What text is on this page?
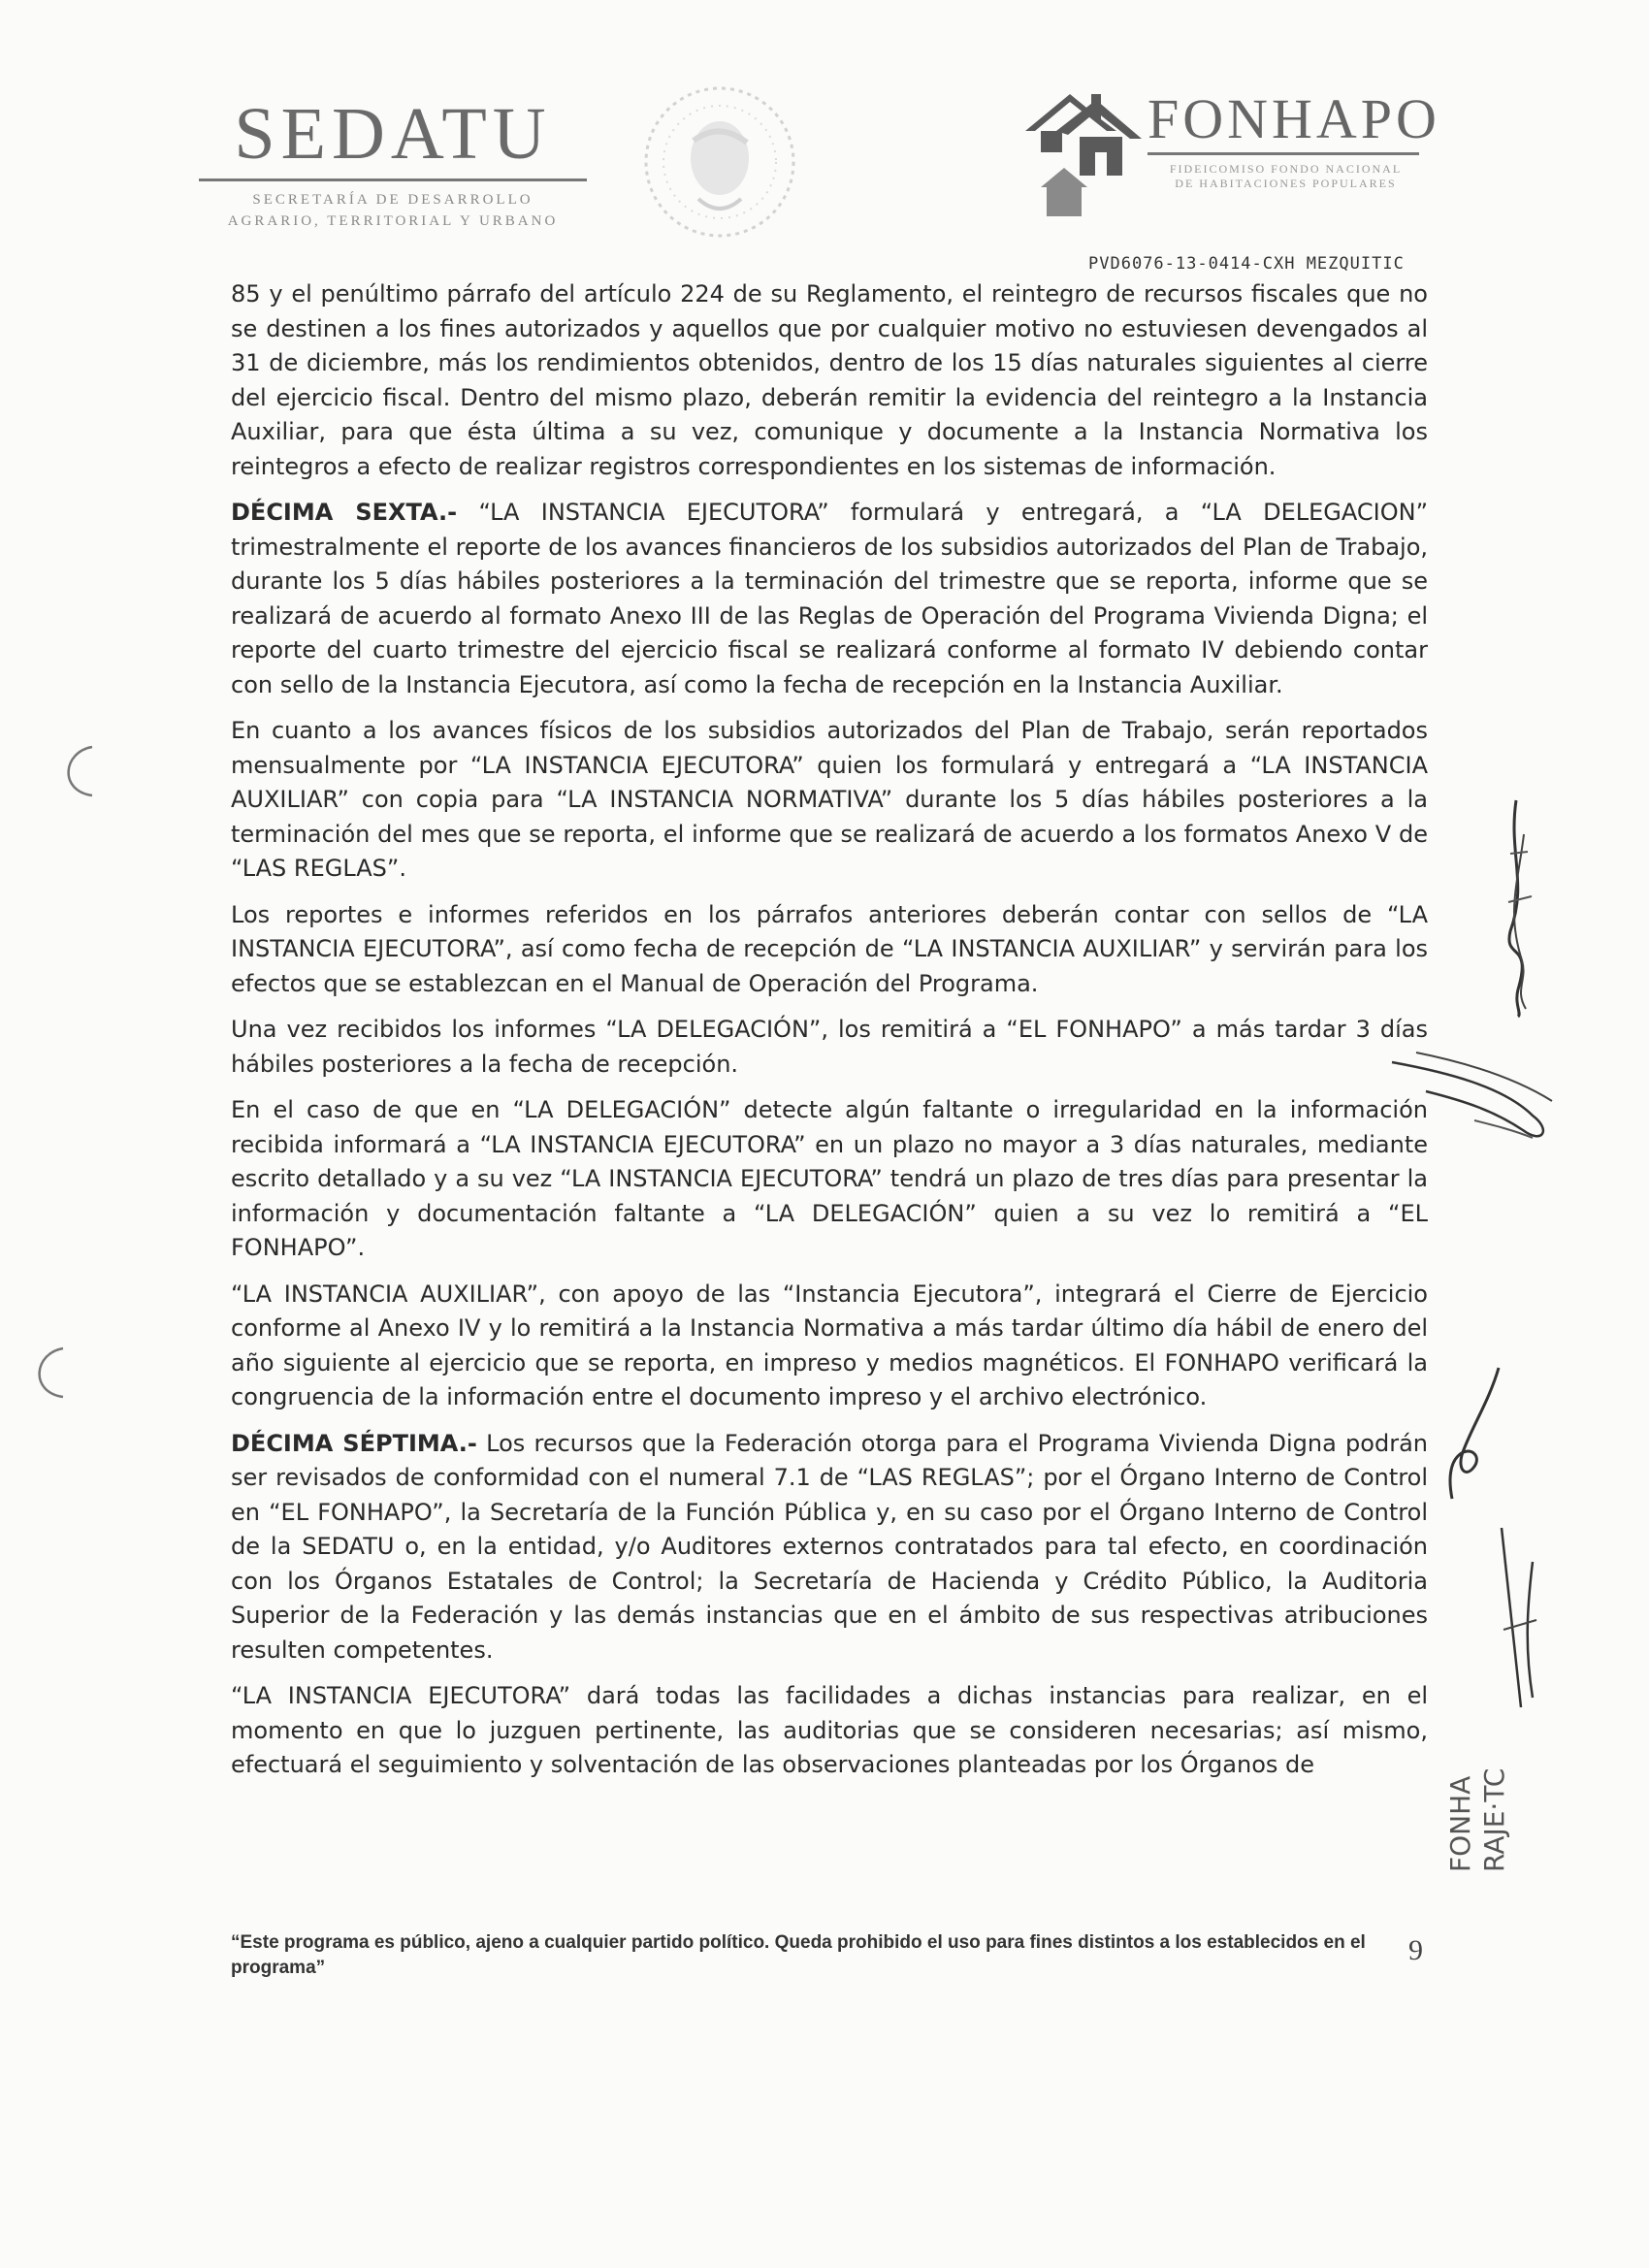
SEDATU
SECRETARÍA DE DESARROLLO
AGRARIO, TERRITORIAL Y URBANO
FONHAPO
FIDEICOMISO FONDO NACIONAL
DE HABITACIONES POPULARES
PVD6076-13-0414-CXH MEZQUITIC

85 y el penúltimo párrafo del artículo 224 de su Reglamento, el reintegro de recursos fiscales que no se destinen a los fines autorizados y aquellos que por cualquier motivo no estuviesen devengados al 31 de diciembre, más los rendimientos obtenidos, dentro de los 15 días naturales siguientes al cierre del ejercicio fiscal. Dentro del mismo plazo, deberán remitir la evidencia del reintegro a la Instancia Auxiliar, para que ésta última a su vez, comunique y documente a la Instancia Normativa los reintegros a efecto de realizar registros correspondientes en los sistemas de información.

DÉCIMA SEXTA.- “LA INSTANCIA EJECUTORA” formulará y entregará, a “LA DELEGACION” trimestralmente el reporte de los avances financieros de los subsidios autorizados del Plan de Trabajo, durante los 5 días hábiles posteriores a la terminación del trimestre que se reporta, informe que se realizará de acuerdo al formato Anexo III de las Reglas de Operación del Programa Vivienda Digna; el reporte del cuarto trimestre del ejercicio fiscal se realizará conforme al formato IV debiendo contar con sello de la Instancia Ejecutora, así como la fecha de recepción en la Instancia Auxiliar.

En cuanto a los avances físicos de los subsidios autorizados del Plan de Trabajo, serán reportados mensualmente por “LA INSTANCIA EJECUTORA” quien los formulará y entregará a “LA INSTANCIA AUXILIAR” con copia para “LA INSTANCIA NORMATIVA” durante los 5 días hábiles posteriores a la terminación del mes que se reporta, el informe que se realizará de acuerdo a los formatos Anexo V de “LAS REGLAS”.

Los reportes e informes referidos en los párrafos anteriores deberán contar con sellos de “LA INSTANCIA EJECUTORA”, así como fecha de recepción de “LA INSTANCIA AUXILIAR” y servirán para los efectos que se establezcan en el Manual de Operación del Programa.

Una vez recibidos los informes “LA DELEGACIÓN”, los remitirá a “EL FONHAPO” a más tardar 3 días hábiles posteriores a la fecha de recepción.

En el caso de que en “LA DELEGACIÓN” detecte algún faltante o irregularidad en la información recibida informará a “LA INSTANCIA EJECUTORA” en un plazo no mayor a 3 días naturales, mediante escrito detallado y a su vez “LA INSTANCIA EJECUTORA” tendrá un plazo de tres días para presentar la información y documentación faltante a “LA DELEGACIÓN” quien a su vez lo remitirá a “EL FONHAPO”.

“LA INSTANCIA AUXILIAR”, con apoyo de las “Instancia Ejecutora”, integrará el Cierre de Ejercicio conforme al Anexo IV y lo remitirá a la Instancia Normativa a más tardar último día hábil de enero del año siguiente al ejercicio que se reporta, en impreso y medios magnéticos. El FONHAPO verificará la congruencia de la información entre el documento impreso y el archivo electrónico.

DÉCIMA SÉPTIMA.- Los recursos que la Federación otorga para el Programa Vivienda Digna podrán ser revisados de conformidad con el numeral 7.1 de “LAS REGLAS”; por el Órgano Interno de Control en “EL FONHAPO”, la Secretaría de la Función Pública y, en su caso por el Órgano Interno de Control de la SEDATU o, en la entidad, y/o Auditores externos contratados para tal efecto, en coordinación con los Órganos Estatales de Control; la Secretaría de Hacienda y Crédito Público, la Auditoria Superior de la Federación y las demás instancias que en el ámbito de sus respectivas atribuciones resulten competentes.

“LA INSTANCIA EJECUTORA” dará todas las facilidades a dichas instancias para realizar, en el momento en que lo juzguen pertinente, las auditorias que se consideren necesarias; así mismo, efectuará el seguimiento y solventación de las observaciones planteadas por los Órganos de

“Este programa es público, ajeno a cualquier partido político. Queda prohibido el uso para fines distintos a los establecidos en el programa”
9
FONHA RAJE·TC
